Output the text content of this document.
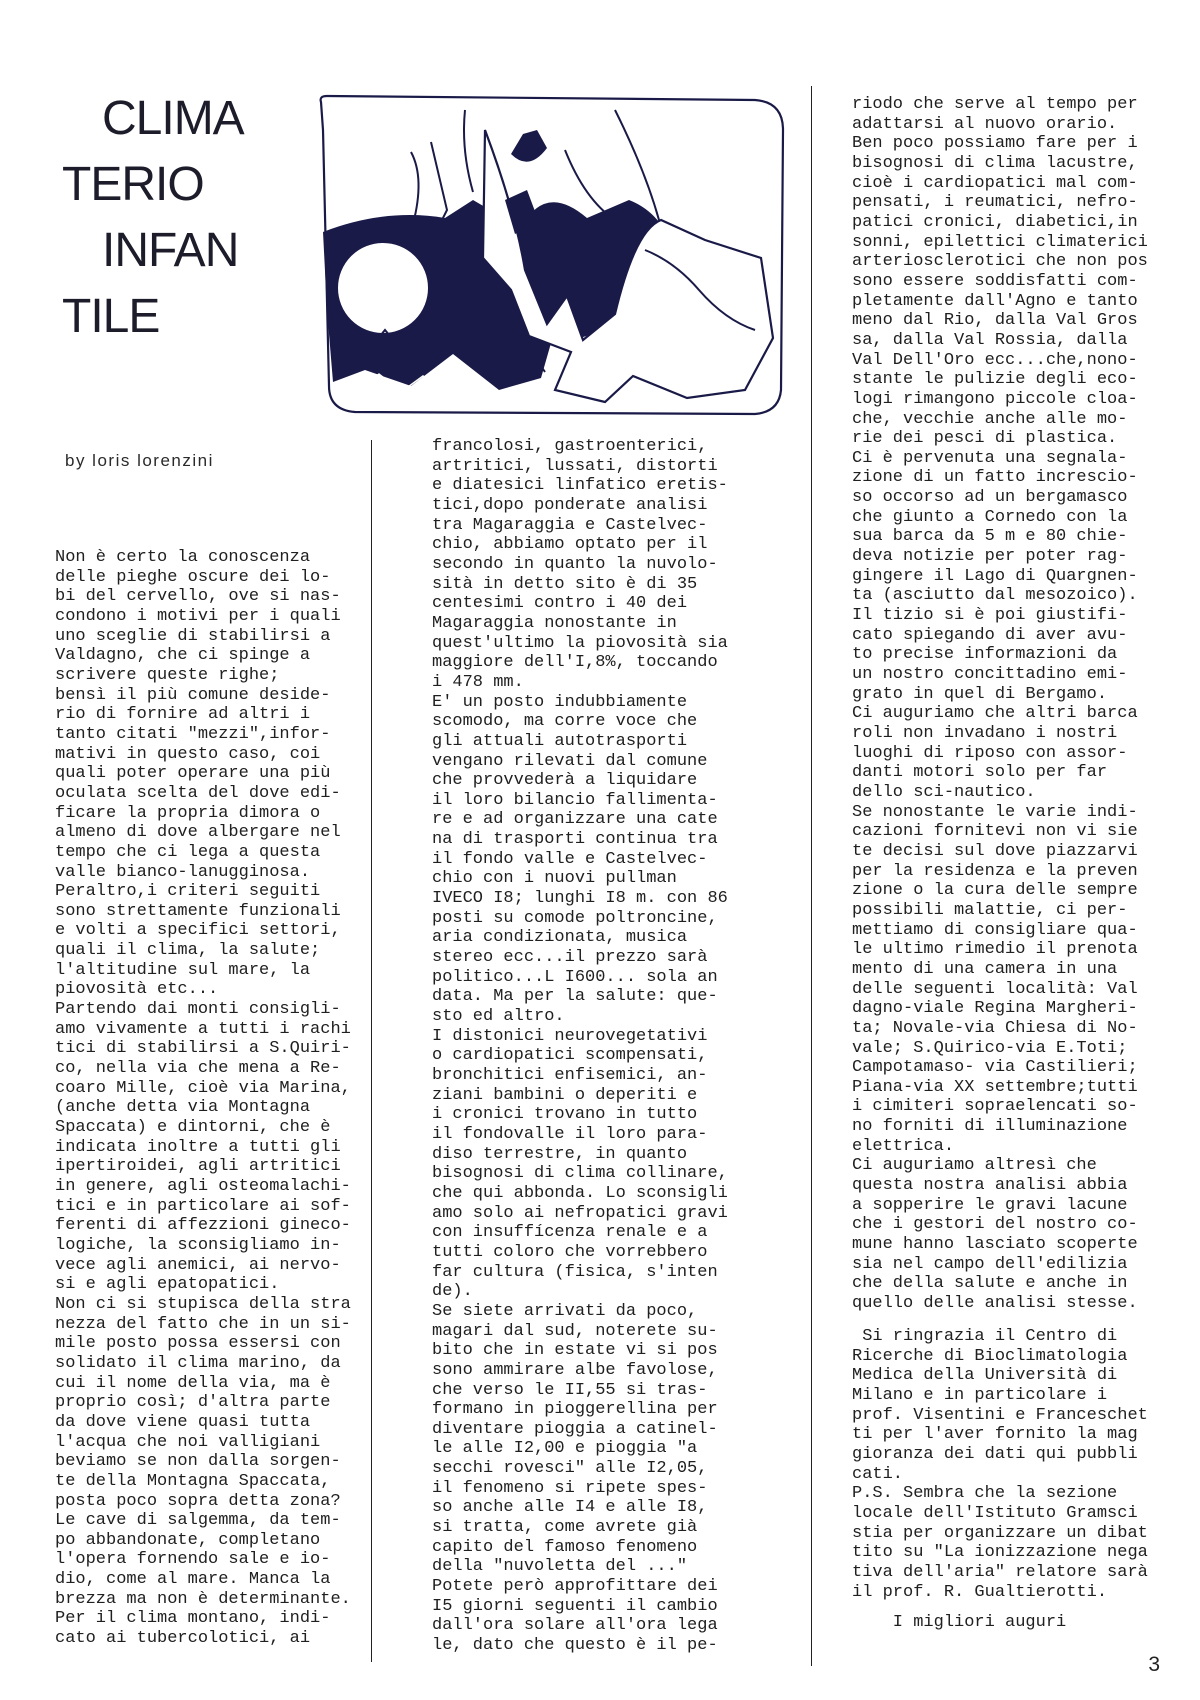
CLIMA
TERIO
INFAN
TILE
by loris lorenzini
Non è certo la conoscenza
delle pieghe oscure dei lo-
bi del cervello, ove si nas-
condono i motivi per i quali
uno sceglie di stabilirsi a
Valdagno, che ci spinge a
scrivere queste righe;
bensì il più comune deside-
rio di fornire ad altri i
tanto citati "mezzi",infor-
mativi in questo caso, coi
quali poter operare una più
oculata scelta del dove edi-
ficare la propria dimora o
almeno di dove albergare nel
tempo che ci lega a questa
valle bianco-lanugginosa.
Peraltro,i criteri seguiti
sono strettamente funzionali
e volti a specifici settori,
quali il clima, la salute;
l'altitudine sul mare, la
piovosità etc...
Partendo dai monti consigli-
amo vivamente a tutti i rachi
tici di stabilirsi a S.Quiri-
co, nella via che mena a Re-
coaro Mille, cioè via Marina,
(anche detta via Montagna
Spaccata) e dintorni, che è
indicata inoltre a tutti gli
ipertiroidei, agli artritici
in genere, agli osteomalachi-
tici e in particolare ai sof-
ferenti di affezzioni gineco-
logiche, la sconsigliamo in-
vece agli anemici, ai nervo-
si e agli epatopatici.
Non ci si stupisca della stra
nezza del fatto che in un si-
mile posto possa essersi con
solidato il clima marino, da
cui il nome della via, ma è
proprio così; d'altra parte
da dove viene quasi tutta
l'acqua che noi valligiani
beviamo se non dalla sorgen-
te della Montagna Spaccata,
posta poco sopra detta zona?
Le cave di salgemma, da tem-
po abbandonate, completano
l'opera fornendo sale e io-
dio, come al mare. Manca la
brezza ma non è determinante.
Per il clima montano, indi-
cato ai tubercolotici, ai
francolosi, gastroenterici,
artritici, lussati, distorti
e diatesici linfatico eretis-
tici,dopo ponderate analisi
tra Magaraggia e Castelvec-
chio, abbiamo optato per il
secondo in quanto la nuvolo-
sità in detto sito è di 35
centesimi contro i 40 dei
Magaraggia nonostante in
quest'ultimo la piovosità sia
maggiore dell'I,8%, toccando
i 478 mm.
E' un posto indubbiamente
scomodo, ma corre voce che
gli attuali autotrasporti
vengano rilevati dal comune
che provvederà a liquidare
il loro bilancio fallimenta-
re e ad organizzare una cate
na di trasporti continua tra
il fondo valle e Castelvec-
chio con i nuovi pullman
IVECO I8; lunghi I8 m. con 86
posti su comode poltroncine,
aria condizionata, musica
stereo ecc...il prezzo sarà
politico...L I600... sola an
data. Ma per la salute: que-
sto ed altro.
I distonici neurovegetativi
o cardiopatici scompensati,
bronchitici enfisemici, an-
ziani bambini o deperiti e
i cronici trovano in tutto
il fondovalle il loro para-
diso terrestre, in quanto
bisognosi di clima collinare,
che qui abbonda. Lo sconsigli
amo solo ai nefropatici gravi
con insuffícenza renale e a
tutti coloro che vorrebbero
far cultura (fisica, s'inten
de).
Se siete arrivati da poco,
magari dal sud, noterete su-
bito che in estate vi si pos
sono ammirare albe favolose,
che verso le II,55 si tras-
formano in pioggerellina per
diventare pioggia a catinel-
le alle I2,00 e pioggia "a
secchi rovesci" alle I2,05,
il fenomeno si ripete spes-
so anche alle I4 e alle I8,
si tratta, come avrete già
capito del famoso fenomeno
della "nuvoletta del ..."
Potete però approfittare dei
I5 giorni seguenti il cambio
dall'ora solare all'ora lega
le, dato che questo è il pe-
riodo che serve al tempo per
adattarsi al nuovo orario.
Ben poco possiamo fare per i
bisognosi di clima lacustre,
cioè i cardiopatici mal com-
pensati, i reumatici, nefro-
patici cronici, diabetici,in
sonni, epilettici climaterici
arteriosclerotici che non pos
sono essere soddisfatti com-
pletamente dall'Agno e tanto
meno dal Rio, dalla Val Gros
sa, dalla Val Rossia, dalla
Val Dell'Oro ecc...che,nono-
stante le pulizie degli eco-
logi rimangono piccole cloa-
che, vecchie anche alle mo-
rie dei pesci di plastica.
Ci è pervenuta una segnala-
zione di un fatto increscio-
so occorso ad un bergamasco
che giunto a Cornedo con la
sua barca da 5 m e 80 chie-
deva notizie per poter rag-
gingere il Lago di Quargnen-
ta (asciutto dal mesozoico).
Il tizio si è poi giustifi-
cato spiegando di aver avu-
to precise informazioni da
un nostro concittadino emi-
grato in quel di Bergamo.
Ci auguriamo che altri barca
roli non invadano i nostri
luoghi di riposo con assor-
danti motori solo per far
dello sci-nautico.
Se nonostante le varie indi-
cazioni fornitevi non vi sie
te decisi sul dove piazzarvi
per la residenza e la preven
zione o la cura delle sempre
possibili malattie, ci per-
mettiamo di consigliare qua-
le ultimo rimedio il prenota
mento di una camera in una
delle seguenti località: Val
dagno-viale Regina Margheri-
ta; Novale-via Chiesa di No-
vale; S.Quirico-via E.Toti;
Campotamaso- via Castilieri;
Piana-via XX settembre;tutti
i cimiteri sopraelencati so-
no forniti di illuminazione
elettrica.
Ci auguriamo altresì che
questa nostra analisi abbia
a sopperire le gravi lacune
che i gestori del nostro co-
mune hanno lasciato scoperte
sia nel campo dell'edilizia
che della salute e anche in
quello delle analisi stesse.
Si ringrazia il Centro di
Ricerche di Bioclimatologia
Medica della Università di
Milano e in particolare i
prof. Visentini e Franceschet
ti per l'aver fornito la mag
gioranza dei dati qui pubbli
cati.
P.S. Sembra che la sezione
locale dell'Istituto Gramsci
stia per organizzare un dibat
tito su "La ionizzazione nega
tiva dell'aria" relatore sarà
il prof. R. Gualtierotti.
I migliori auguri
3
